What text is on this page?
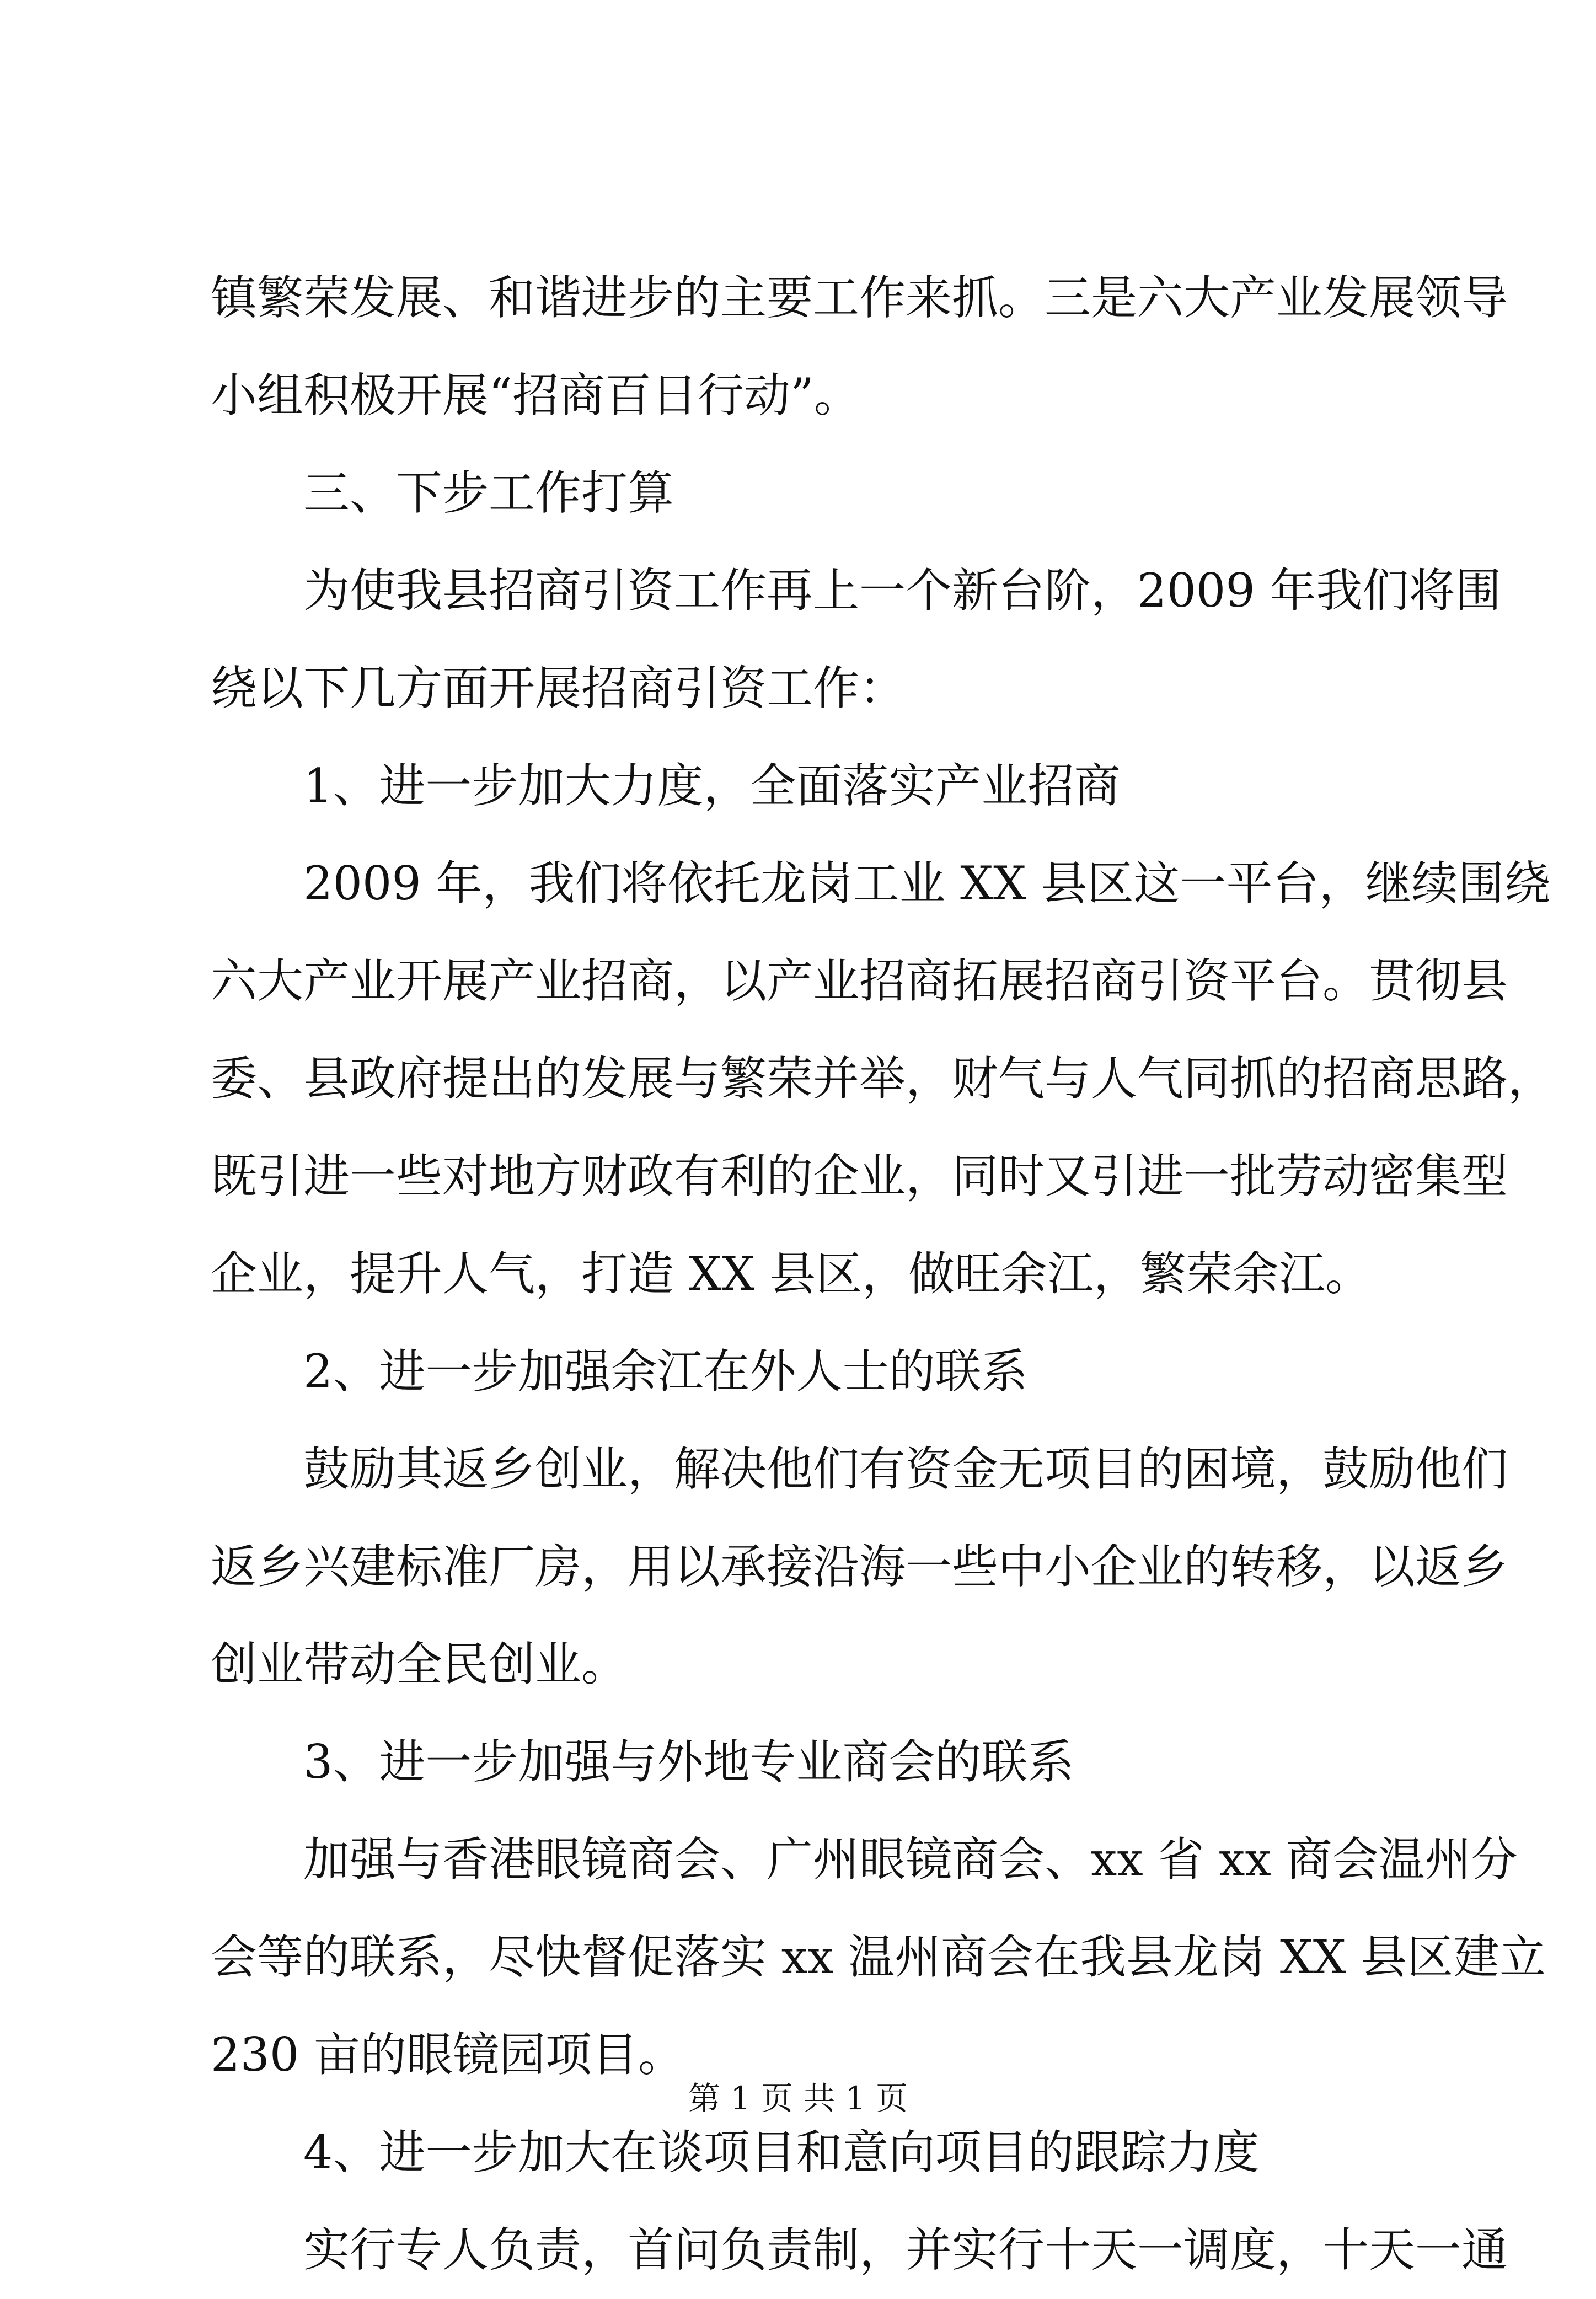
镇繁荣发展、和谐进步的主要工作来抓。三是六大产业发展领导
小组积极开展“招商百日行动”。
三、下步工作打算
为使我县招商引资工作再上一个新台阶，2009 年我们将围
绕以下几方面开展招商引资工作：
1、进一步加大力度，全面落实产业招商
2009 年，我们将依托龙岗工业 XX 县区这一平台，继续围绕
六大产业开展产业招商，以产业招商拓展招商引资平台。贯彻县
委、县政府提出的发展与繁荣并举，财气与人气同抓的招商思路，
既引进一些对地方财政有利的企业，同时又引进一批劳动密集型
企业，提升人气，打造 XX 县区，做旺余江，繁荣余江。
2、进一步加强余江在外人士的联系
鼓励其返乡创业，解决他们有资金无项目的困境，鼓励他们
返乡兴建标准厂房，用以承接沿海一些中小企业的转移，以返乡
创业带动全民创业。
3、进一步加强与外地专业商会的联系
加强与香港眼镜商会、广州眼镜商会、xx 省 xx 商会温州分
会等的联系，尽快督促落实 xx 温州商会在我县龙岗 XX 县区建立
230 亩的眼镜园项目。
4、进一步加大在谈项目和意向项目的跟踪力度
实行专人负责，首问负责制，并实行十天一调度，十天一通
第 1 页 共 1 页
